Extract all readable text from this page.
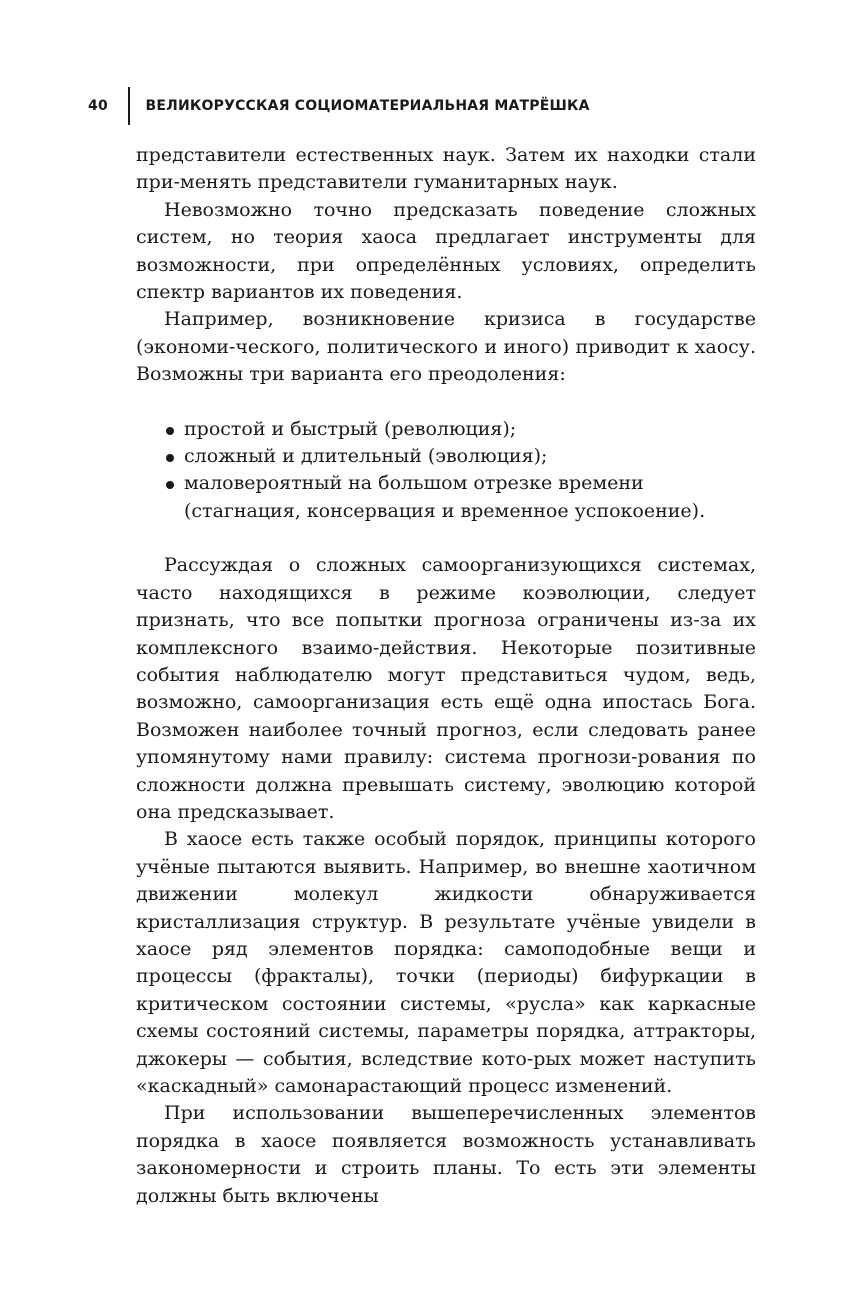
40	ВЕЛИКОРУССКАЯ СОЦИОМАТЕРИАЛЬНАЯ МАТРЁШКА

представители естественных наук. Затем их находки стали при-менять представители гуманитарных наук.

Невозможно точно предсказать поведение сложных систем, но теория хаоса предлагает инструменты для возможности, при определённых условиях, определить спектр вариантов их поведения.

Например, возникновение кризиса в государстве (экономи-ческого, политического и иного) приводит к хаосу. Возможны три варианта его преодоления:

простой и быстрый (революция);
сложный и длительный (эволюция);
маловероятный на большом отрезке времени (стагнация, консервация и временное успокоение).

Рассуждая о сложных самоорганизующихся системах, часто находящихся в режиме коэволюции, следует признать, что все попытки прогноза ограничены из-за их комплексного взаимо-действия. Некоторые позитивные события наблюдателю могут представиться чудом, ведь, возможно, самоорганизация есть ещё одна ипостась Бога. Возможен наиболее точный прогноз, если следовать ранее упомянутому нами правилу: система прогнози-рования по сложности должна превышать систему, эволюцию которой она предсказывает.

В хаосе есть также особый порядок, принципы которого учёные пытаются выявить. Например, во внешне хаотичном движении молекул жидкости обнаруживается кристаллизация структур. В результате учёные увидели в хаосе ряд элементов порядка: самоподобные вещи и процессы (фракталы), точки (периоды) бифуркации в критическом состоянии системы, «русла» как каркасные схемы состояний системы, параметры порядка, аттракторы, джокеры — события, вследствие кото-рых может наступить «каскадный» самонарастающий процесс изменений.

При использовании вышеперечисленных элементов порядка в хаосе появляется возможность устанавливать закономерности и строить планы. То есть эти элементы должны быть включены
